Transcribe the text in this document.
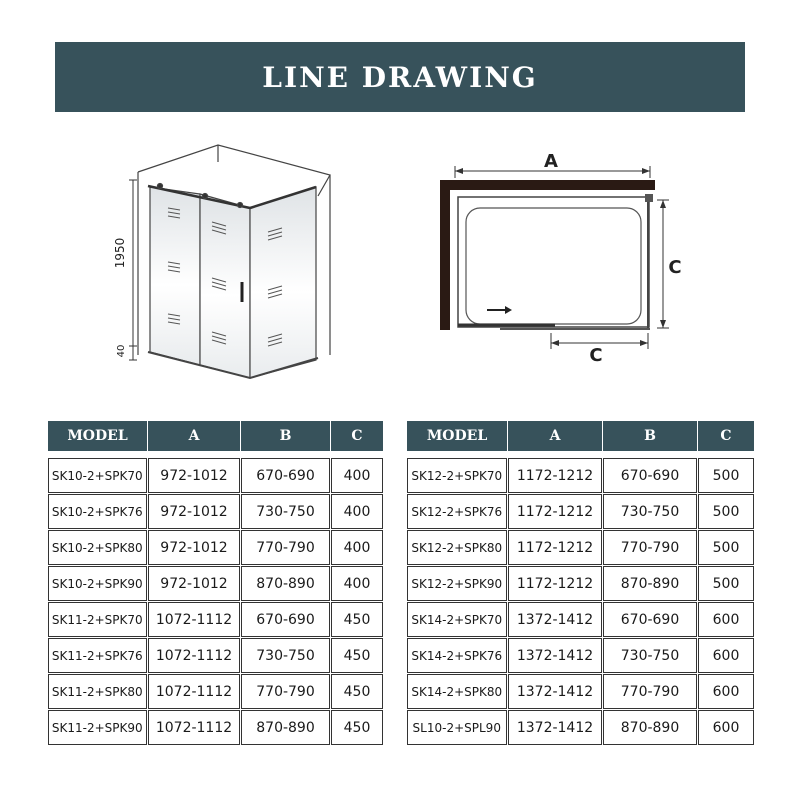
LINE DRAWING
1950
40
A
C
C
MODEL	A	B	C

SK10-2+SPK70	972-1012	670-690	400
SK10-2+SPK76	972-1012	730-750	400
SK10-2+SPK80	972-1012	770-790	400
SK10-2+SPK90	972-1012	870-890	400
SK11-2+SPK70	1072-1112	670-690	450
SK11-2+SPK76	1072-1112	730-750	450
SK11-2+SPK80	1072-1112	770-790	450
SK11-2+SPK90	1072-1112	870-890	450
MODEL	A	B	C

SK12-2+SPK70	1172-1212	670-690	500
SK12-2+SPK76	1172-1212	730-750	500
SK12-2+SPK80	1172-1212	770-790	500
SK12-2+SPK90	1172-1212	870-890	500
SK14-2+SPK70	1372-1412	670-690	600
SK14-2+SPK76	1372-1412	730-750	600
SK14-2+SPK80	1372-1412	770-790	600
SL10-2+SPL90	1372-1412	870-890	600
